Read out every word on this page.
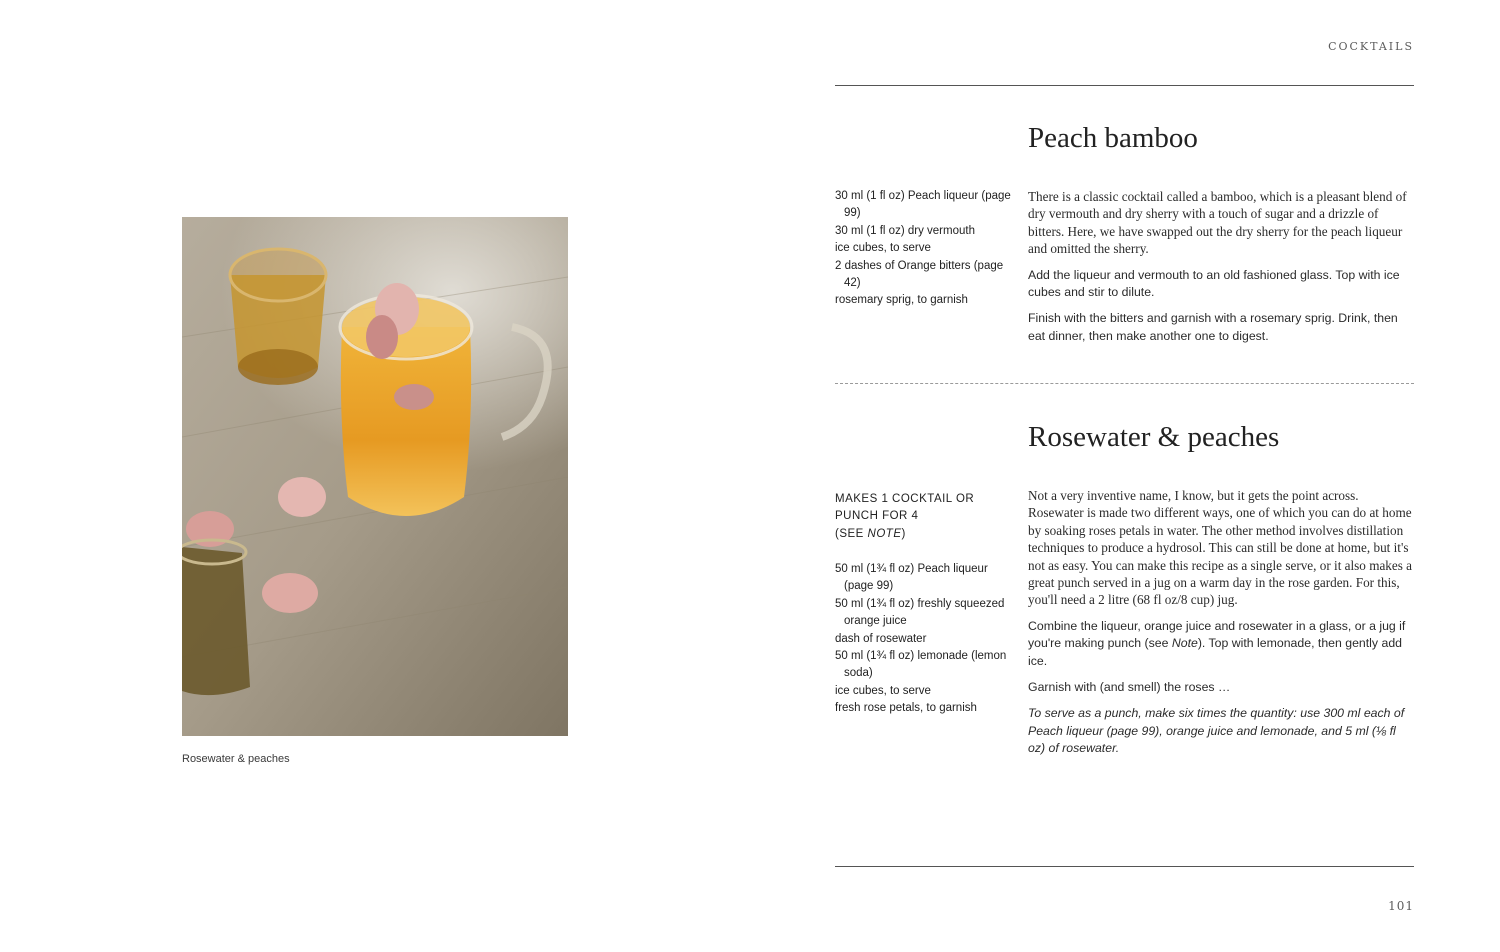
COCKTAILS
Rosewater & peaches
Peach bamboo
30 ml (1 fl oz) Peach liqueur (page 99)
30 ml (1 fl oz) dry vermouth
ice cubes, to serve
2 dashes of Orange bitters (page 42)
rosemary sprig, to garnish

There is a classic cocktail called a bamboo, which is a pleasant blend of dry vermouth and dry sherry with a touch of sugar and a drizzle of bitters. Here, we have swapped out the dry sherry for the peach liqueur and omitted the sherry.

Add the liqueur and vermouth to an old fashioned glass. Top with ice cubes and stir to dilute.

Finish with the bitters and garnish with a rosemary sprig. Drink, then eat dinner, then make another one to digest.

Rosewater & peaches

MAKES 1 COCKTAIL OR PUNCH FOR 4
(SEE NOTE)

50 ml (1¾ fl oz) Peach liqueur (page 99)
50 ml (1¾ fl oz) freshly squeezed orange juice
dash of rosewater
50 ml (1¾ fl oz) lemonade (lemon soda)
ice cubes, to serve
fresh rose petals, to garnish

Not a very inventive name, I know, but it gets the point across. Rosewater is made two different ways, one of which you can do at home by soaking roses petals in water. The other method involves distillation techniques to produce a hydrosol. This can still be done at home, but it's not as easy. You can make this recipe as a single serve, or it also makes a great punch served in a jug on a warm day in the rose garden. For this, you'll need a 2 litre (68 fl oz/8 cup) jug.

Combine the liqueur, orange juice and rosewater in a glass, or a jug if you're making punch (see Note). Top with lemonade, then gently add ice.

Garnish with (and smell) the roses …

To serve as a punch, make six times the quantity: use 300 ml each of Peach liqueur (page 99), orange juice and lemonade, and 5 ml (⅛ fl oz) of rosewater.

101
